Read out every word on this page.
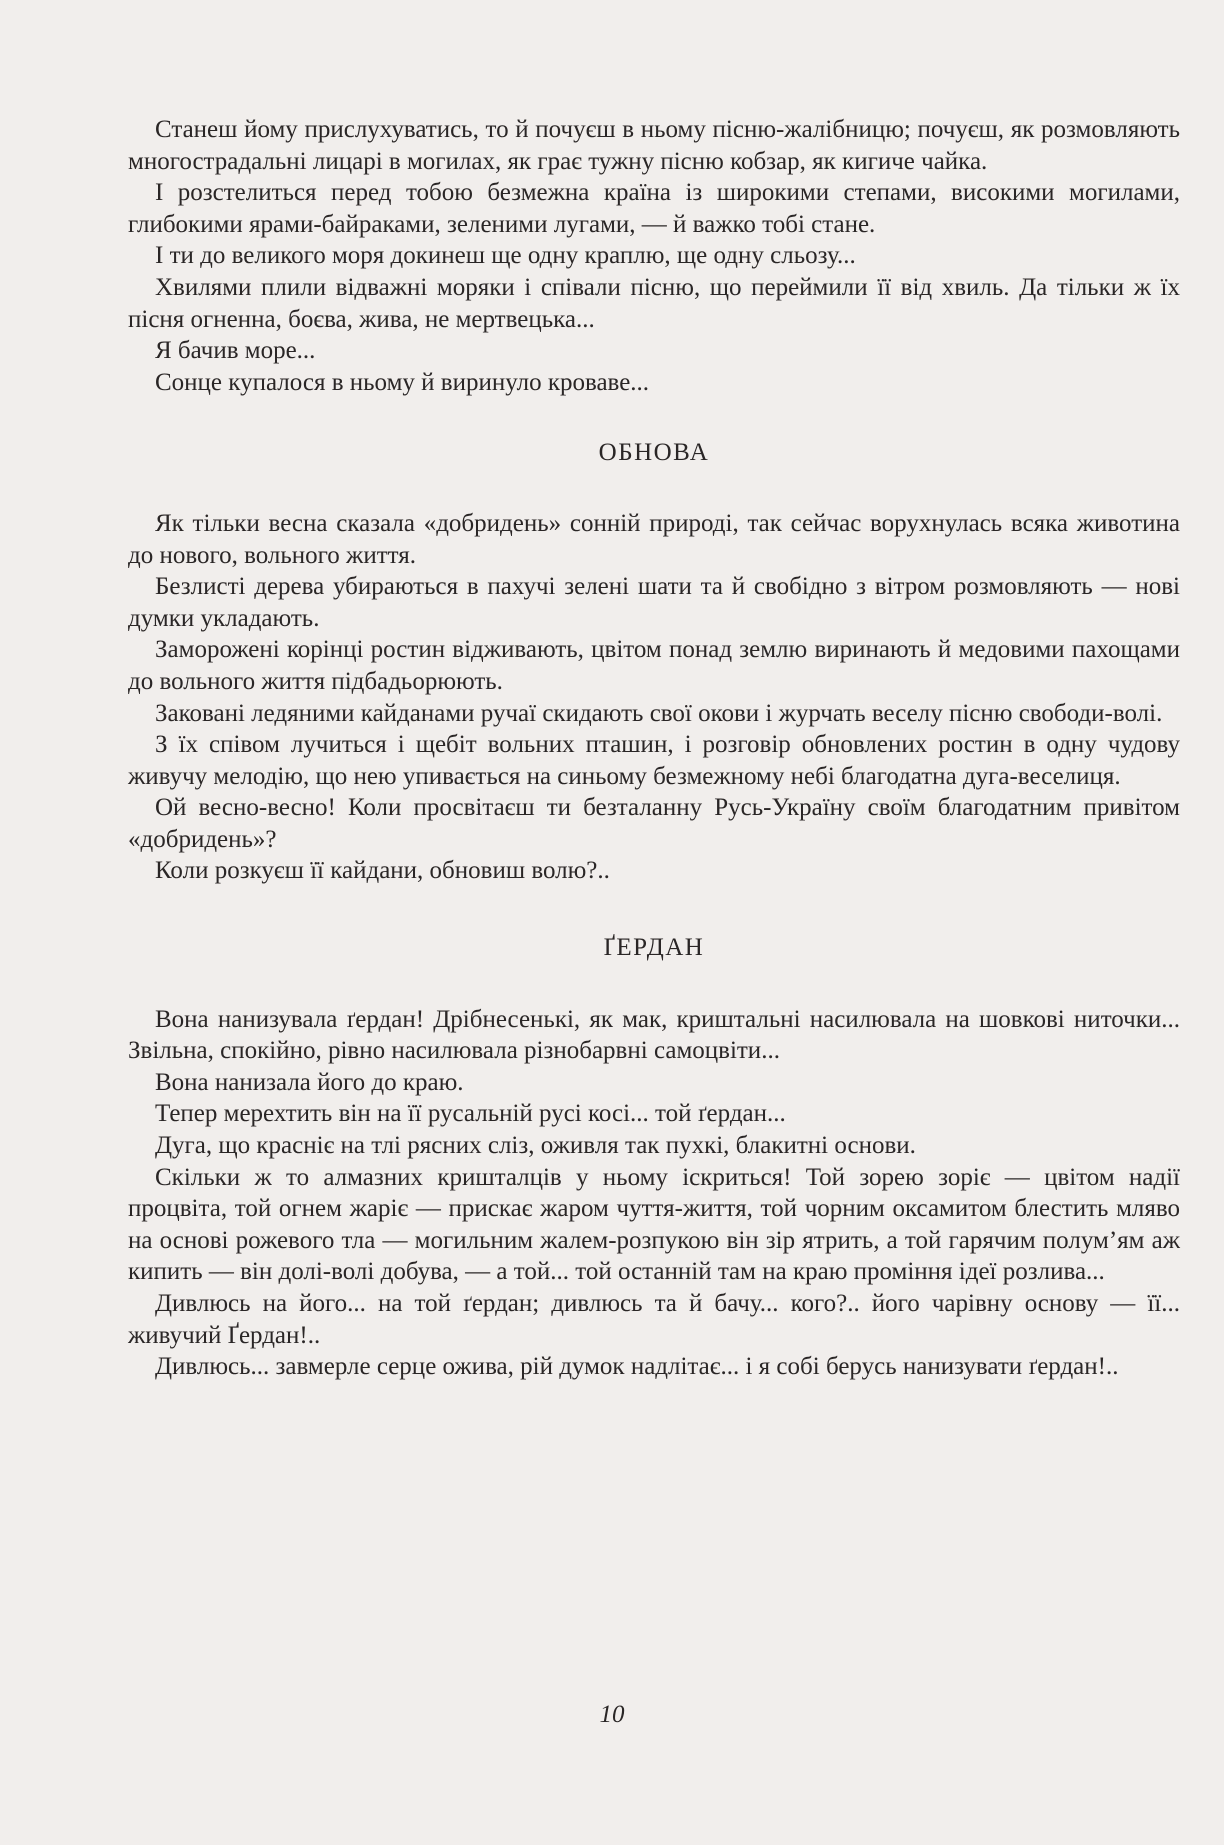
Станеш йому прислухуватись, то й почуєш в ньому пісню-жалібницю; почуєш, як розмовляють многострадальні лицарі в могилах, як грає тужну пісню кобзар, як кигиче чайка.

І розстелиться перед тобою безмежна країна із широкими степами, високими могилами, глибокими ярами-байраками, зеленими лугами, — й важко тобі стане.

І ти до великого моря докинеш ще одну краплю, ще одну сльозу...

Хвилями плили відважні моряки і співали пісню, що переймили її від хвиль. Да тільки ж їх пісня огненна, боєва, жива, не мертвецька...

Я бачив море...

Сонце купалося в ньому й виринуло кроваве...

ОБНОВА

Як тільки весна сказала «добридень» сонній природі, так сейчас ворухнулась всяка животина до нового, вольного життя.

Безлисті дерева убираються в пахучі зелені шати та й свобідно з вітром розмовляють — нові думки укладають.

Заморожені корінці ростин відживають, цвітом понад землю виринають й медовими пахощами до вольного життя підбадьорюють.

Закованi ледяними кайданами ручаї скидають свої окови і журчать веселу пісню свободи-волі.

З їх співом лучиться і щебіт вольних пташин, і розговір обновлених ростин в одну чудову живучу мелодію, що нею упивається на синьому безмежному небі благодатна дуга-веселиця.

Ой весно-весно! Коли просвітаєш ти безталанну Русь-Україну своїм благодатним привітом «добридень»?

Коли розкуєш її кайдани, обновиш волю?..

ҐЕРДАН

Вона нанизувала ґердан! Дрібнесенькі, як мак, криштальні насилювала на шовкові ниточки... Звільна, спокійно, рівно насилювала різнобарвні самоцвіти...

Вона нанизала його до краю.

Тепер мерехтить він на її русальній русі косі... той ґердан...

Дуга, що краснiє на тлі рясних сліз, оживля так пухкі, блакитні основи.

Скільки ж то алмазних кришталців у ньому іскриться! Той зорею зоріє — цвітом надії процвіта, той огнем жаріє — прискає жаром чуття-життя, той чорним оксамитом блестить мляво на основі рожевого тла — могильним жалем-розпукою він зір ятрить, а той гарячим полум’ям аж кипить — він долі-волі добува, — а той... той останній там на краю проміння ідеї розлива...

Дивлюсь на його... на той ґердан; дивлюсь та й бачу... кого?.. його чарівну основу — її... живучий Ґердан!..

Дивлюсь... завмерле серце ожива, рій думок надлітає... і я собі берусь нанизувати ґердан!..

10
